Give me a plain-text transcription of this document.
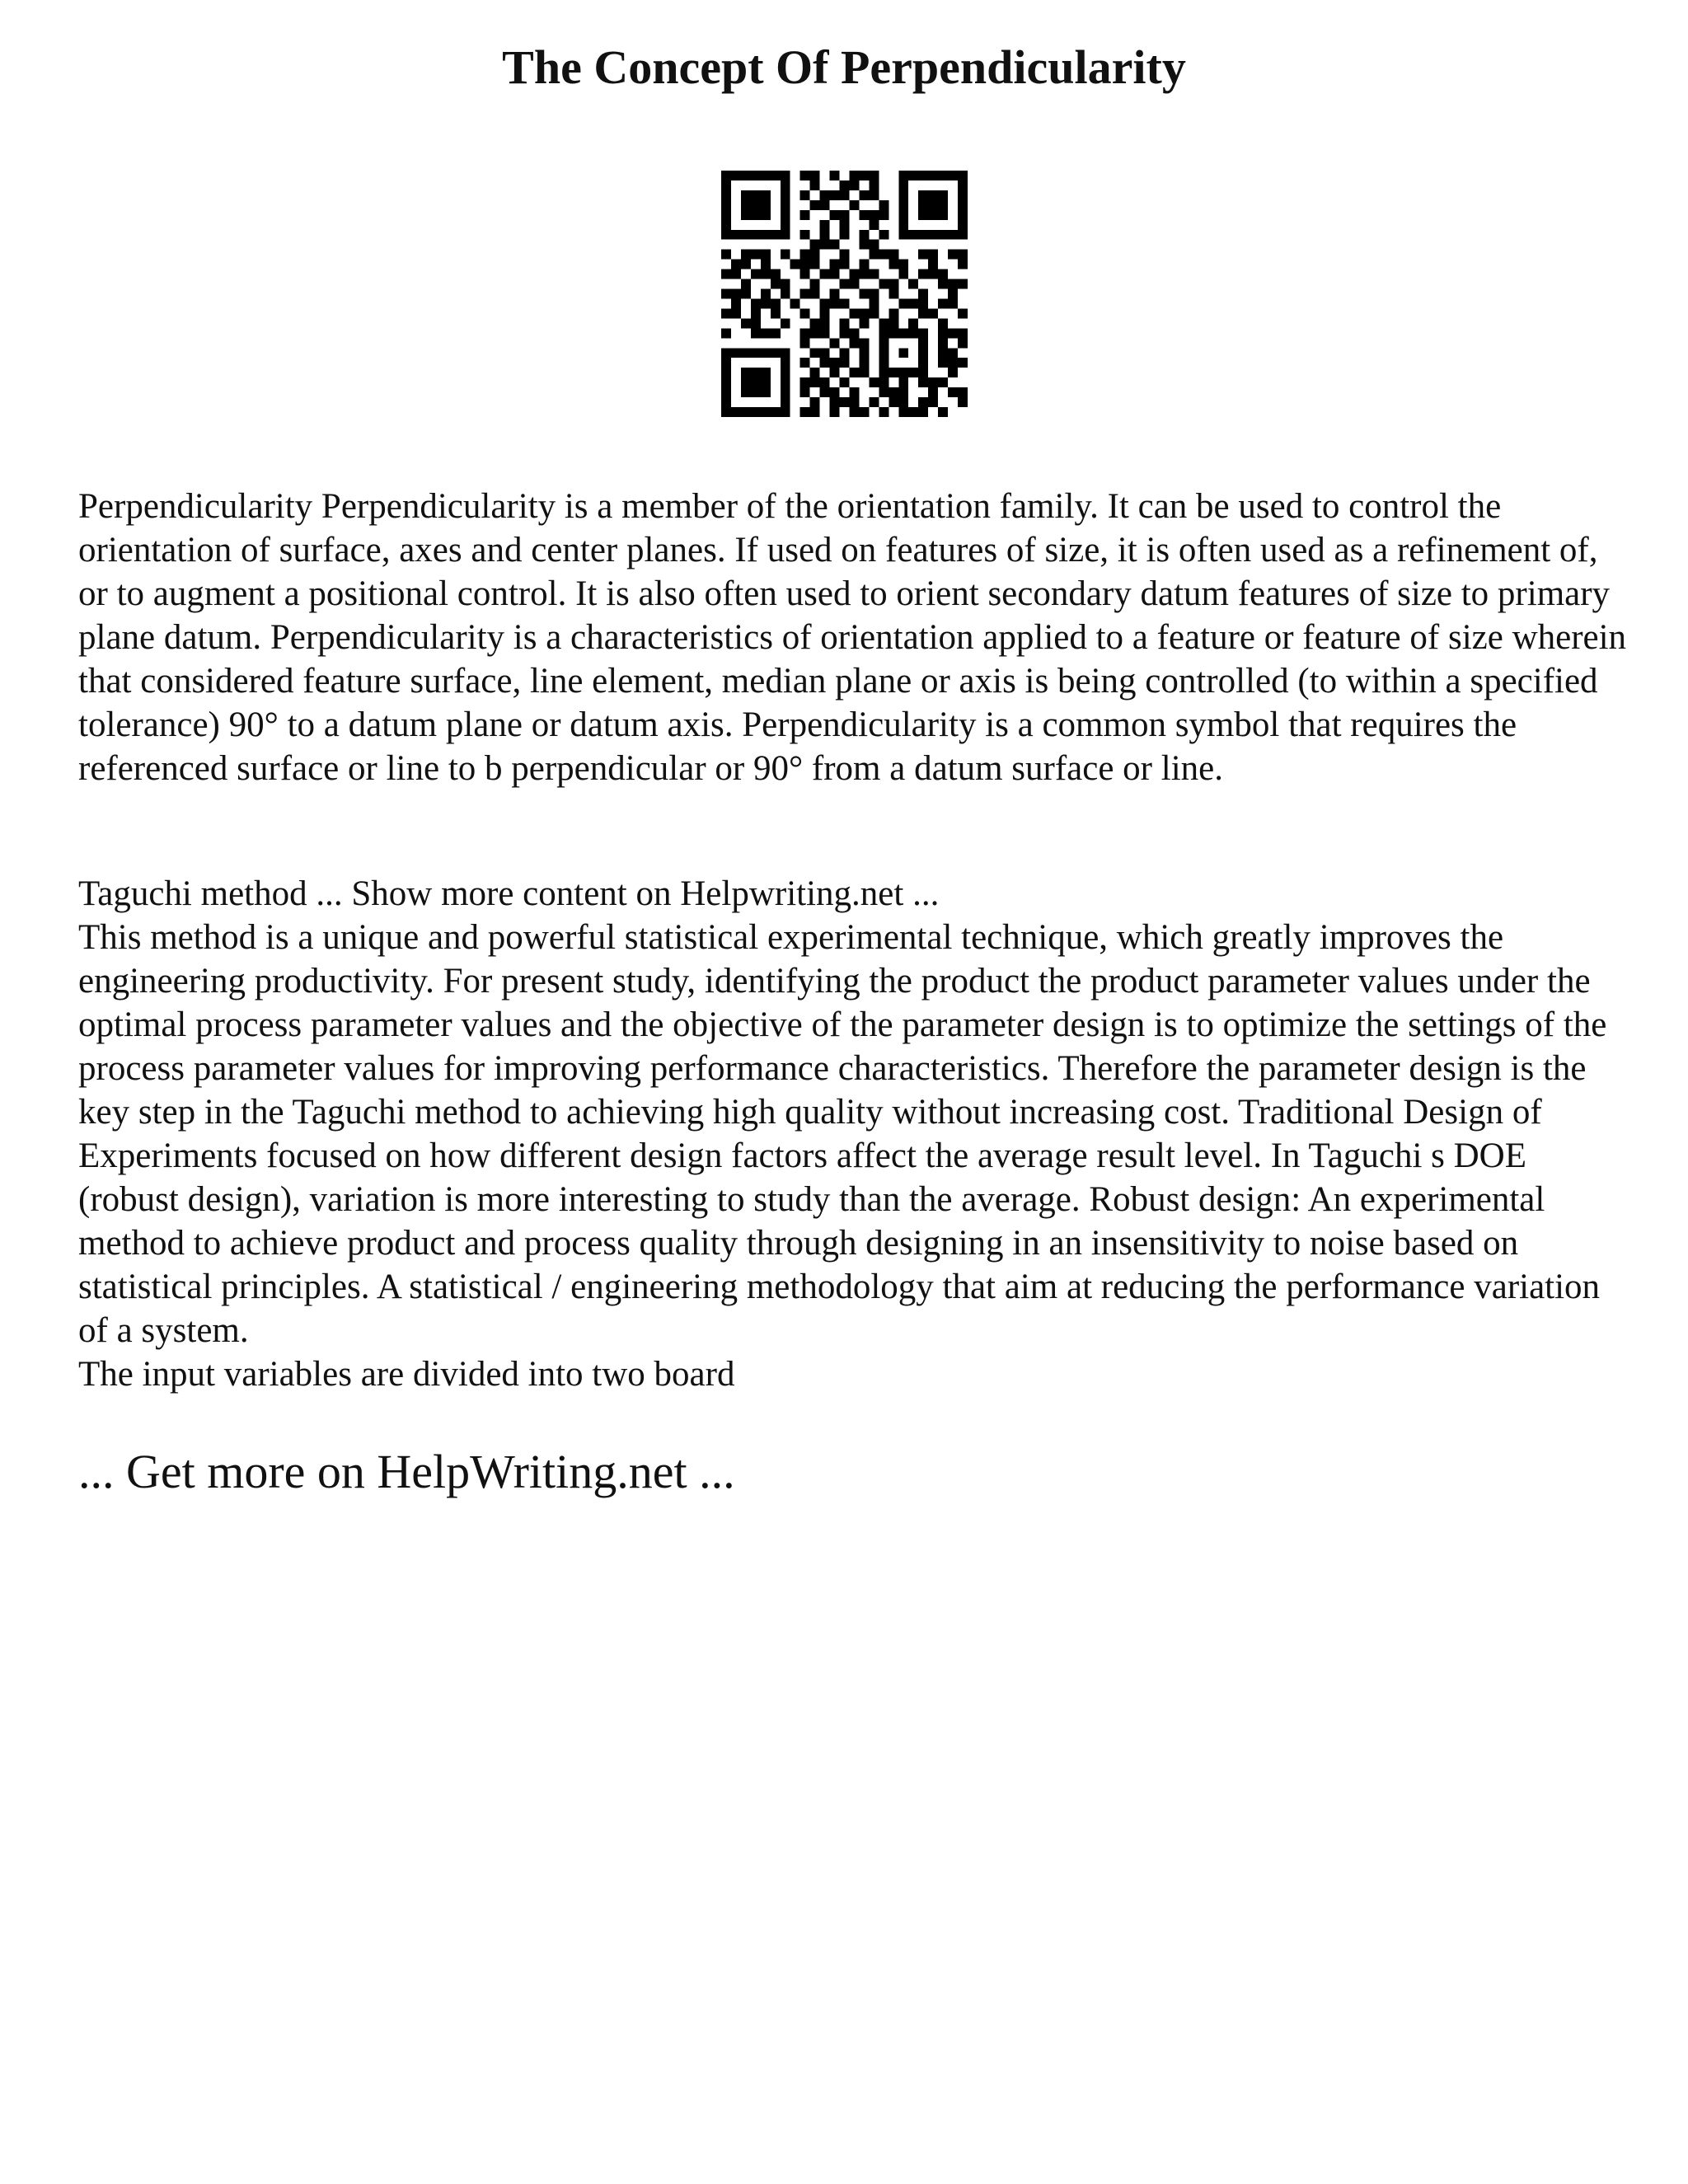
The Concept Of Perpendicularity

Perpendicularity Perpendicularity is a member of the orientation family. It can be used to control the orientation of surface, axes and center planes. If used on features of size, it is often used as a refinement of, or to augment a positional control. It is also often used to orient secondary datum features of size to primary plane datum. Perpendicularity is a characteristics of orientation applied to a feature or feature of size wherein that considered feature surface, line element, median plane or axis is being controlled (to within a specified tolerance) 90° to a datum plane or datum axis. Perpendicularity is a common symbol that requires the referenced surface or line to b perpendicular or 90° from a datum surface or line.

Taguchi method ... Show more content on Helpwriting.net ...
This method is a unique and powerful statistical experimental technique, which greatly improves the engineering productivity. For present study, identifying the product the product parameter values under the optimal process parameter values and the objective of the parameter design is to optimize the settings of the process parameter values for improving performance characteristics. Therefore the parameter design is the key step in the Taguchi method to achieving high quality without increasing cost. Traditional Design of Experiments focused on how different design factors affect the average result level. In Taguchi s DOE (robust design), variation is more interesting to study than the average. Robust design: An experimental method to achieve product and process quality through designing in an insensitivity to noise based on statistical principles. A statistical / engineering methodology that aim at reducing the performance variation of a system.
The input variables are divided into two board

... Get more on HelpWriting.net ...
